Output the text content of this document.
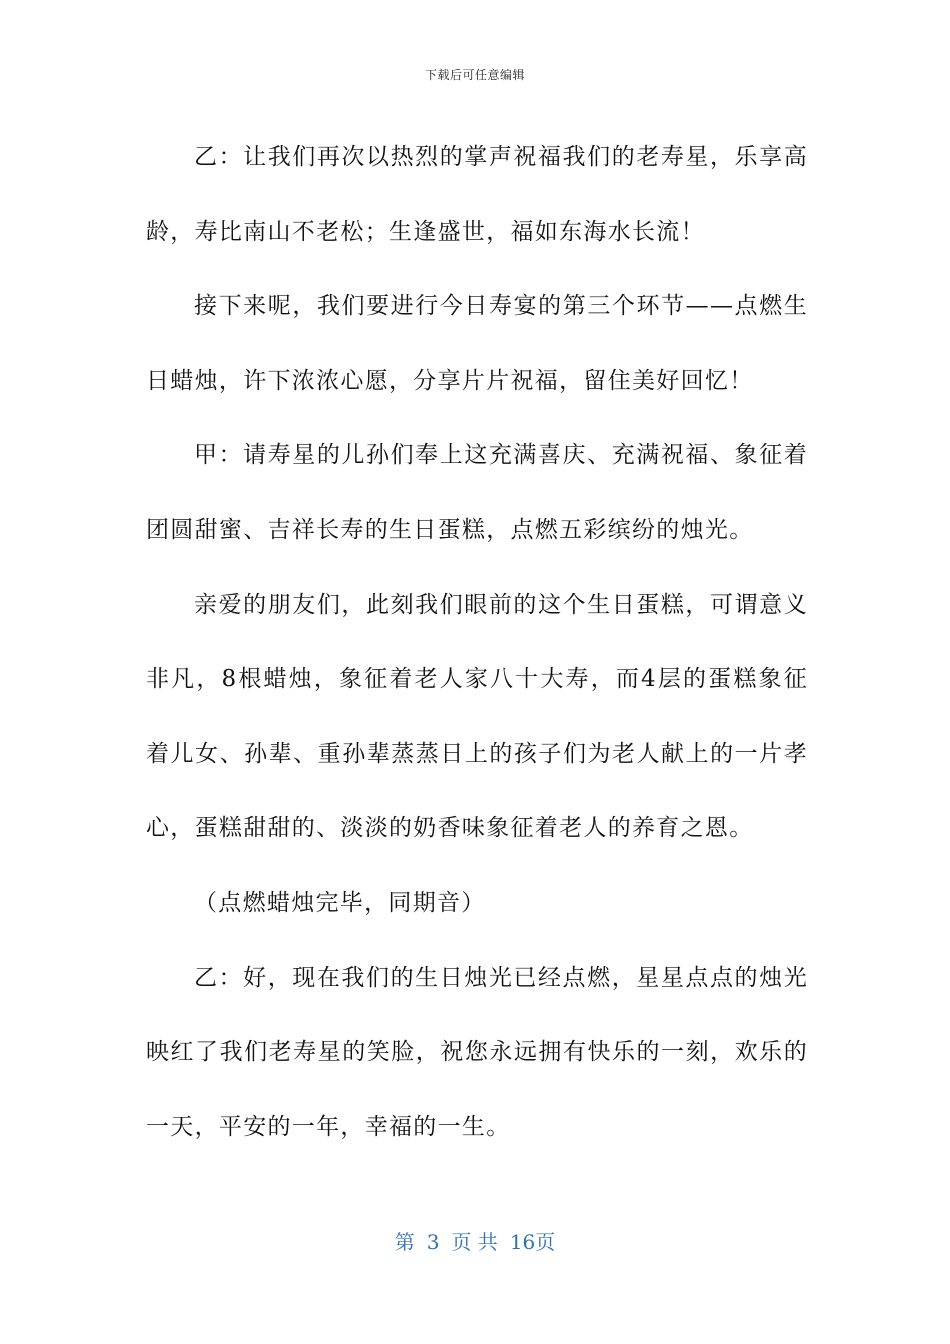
下载后可任意编辑

乙：让我们再次以热烈的掌声祝福我们的老寿星，乐享高龄，寿比南山不老松；生逢盛世，福如东海水长流！

接下来呢，我们要进行今日寿宴的第三个环节——点燃生日蜡烛，许下浓浓心愿，分享片片祝福，留住美好回忆！

甲：请寿星的儿孙们奉上这充满喜庆、充满祝福、象征着团圆甜蜜、吉祥长寿的生日蛋糕，点燃五彩缤纷的烛光。

亲爱的朋友们，此刻我们眼前的这个生日蛋糕，可谓意义非凡，8根蜡烛，象征着老人家八十大寿，而4层的蛋糕象征着儿女、孙辈、重孙辈蒸蒸日上的孩子们为老人献上的一片孝心，蛋糕甜甜的、淡淡的奶香味象征着老人的养育之恩。

（点燃蜡烛完毕，同期音）

乙：好，现在我们的生日烛光已经点燃，星星点点的烛光映红了我们老寿星的笑脸，祝您永远拥有快乐的一刻，欢乐的一天，平安的一年，幸福的一生。

第 3 页 共 16页
